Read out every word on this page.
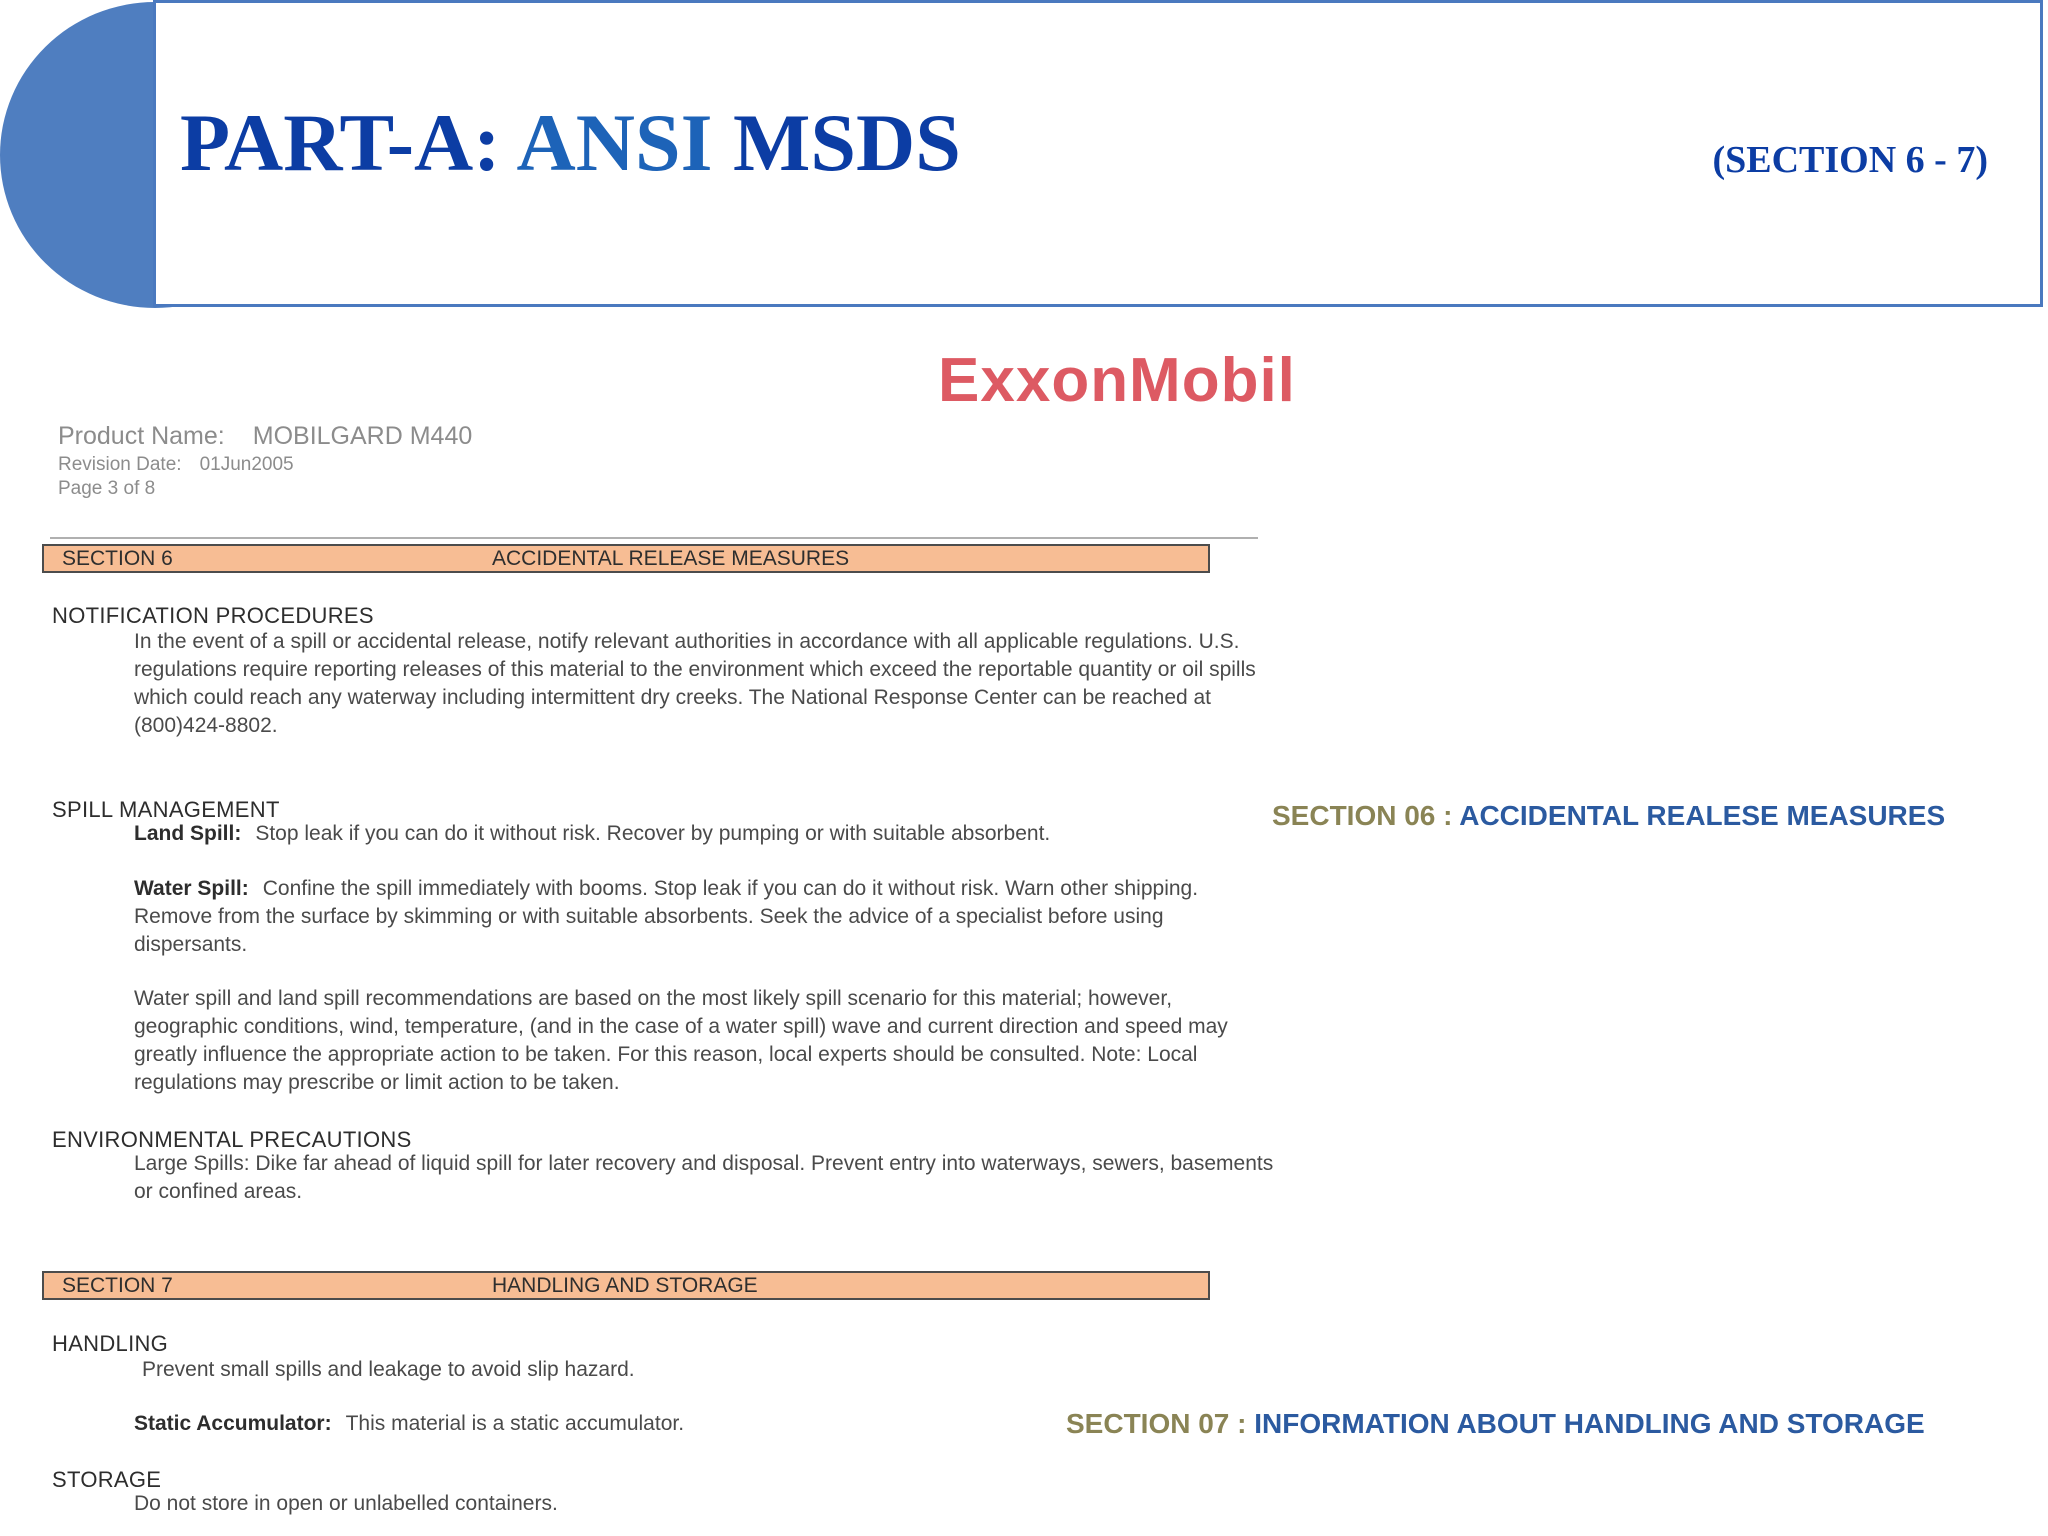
PART-A: ANSI MSDS	(SECTION 6 - 7)
ExxonMobil
Product Name: MOBILGARD M440
Revision Date: 01Jun2005
Page 3 of 8
SECTION 6	ACCIDENTAL RELEASE MEASURES
NOTIFICATION PROCEDURES
In the event of a spill or accidental release, notify relevant authorities in accordance with all applicable regulations. U.S. regulations require reporting releases of this material to the environment which exceed the reportable quantity or oil spills which could reach any waterway including intermittent dry creeks. The National Response Center can be reached at (800)424-8802.
SPILL MANAGEMENT
Land Spill: Stop leak if you can do it without risk. Recover by pumping or with suitable absorbent.
Water Spill: Confine the spill immediately with booms. Stop leak if you can do it without risk. Warn other shipping. Remove from the surface by skimming or with suitable absorbents. Seek the advice of a specialist before using dispersants.
Water spill and land spill recommendations are based on the most likely spill scenario for this material; however, geographic conditions, wind, temperature, (and in the case of a water spill) wave and current direction and speed may greatly influence the appropriate action to be taken. For this reason, local experts should be consulted. Note: Local regulations may prescribe or limit action to be taken.
ENVIRONMENTAL PRECAUTIONS
Large Spills: Dike far ahead of liquid spill for later recovery and disposal. Prevent entry into waterways, sewers, basements or confined areas.
SECTION 7	HANDLING AND STORAGE
HANDLING
Prevent small spills and leakage to avoid slip hazard.
Static Accumulator: This material is a static accumulator.
STORAGE
Do not store in open or unlabelled containers.
SECTION 06 : ACCIDENTAL REALESE MEASURES
SECTION 07 : INFORMATION ABOUT HANDLING AND STORAGE
